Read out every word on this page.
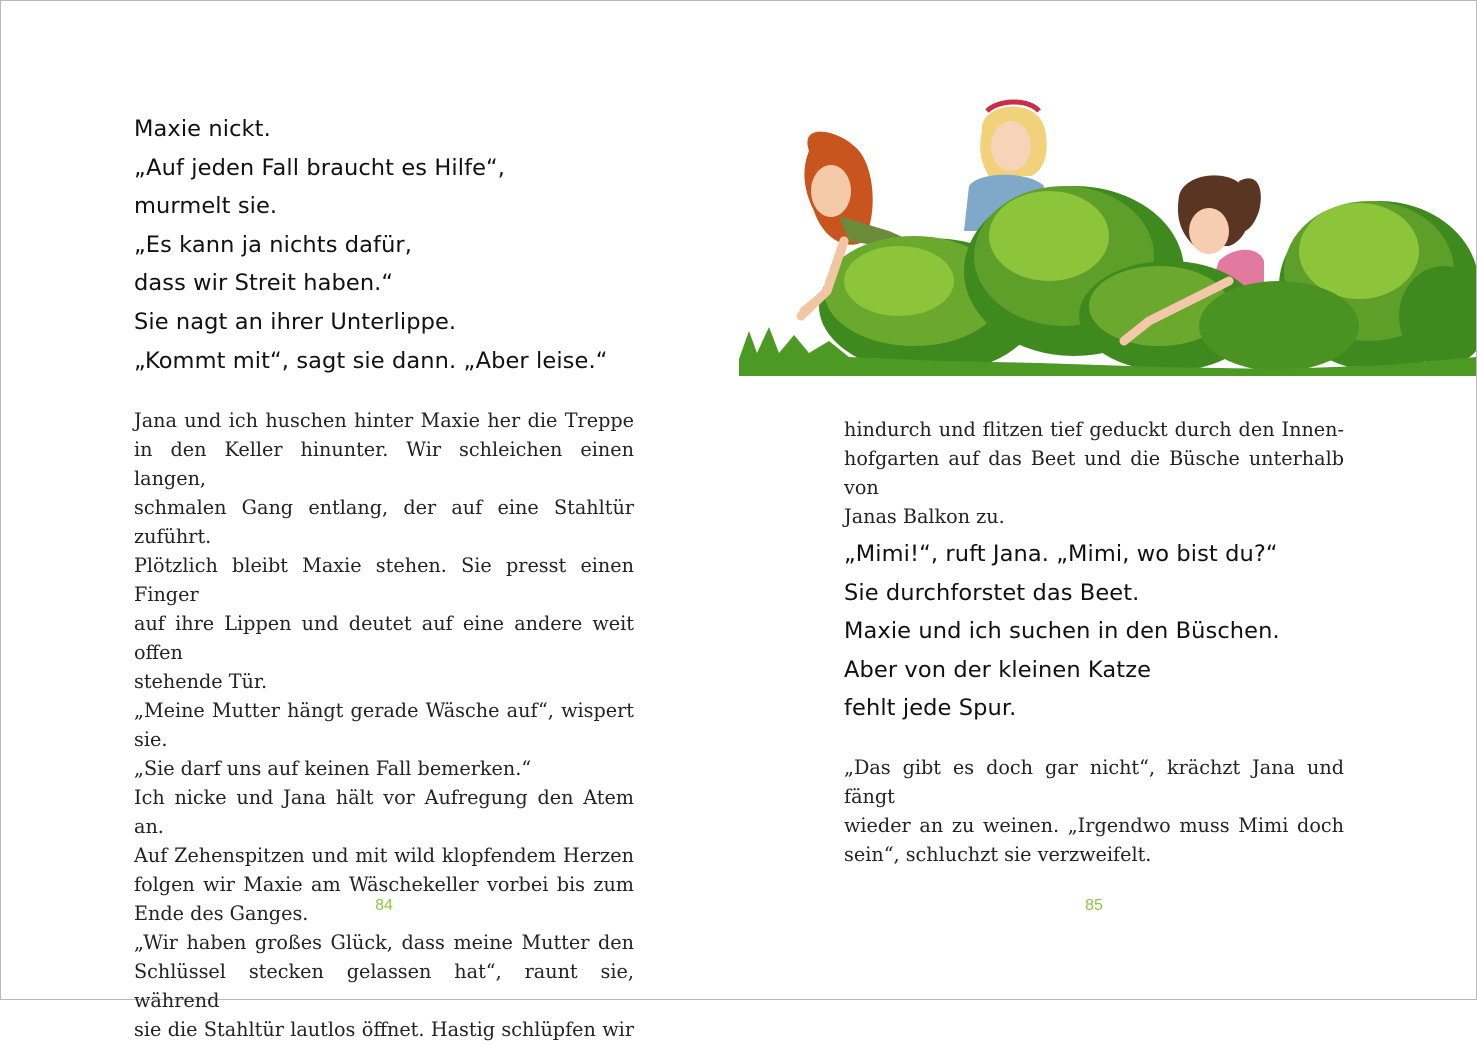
Maxie nickt.
„Auf jeden Fall braucht es Hilfe“,
murmelt sie.
„Es kann ja nichts dafür,
dass wir Streit haben.“
Sie nagt an ihrer Unterlippe.
„Kommt mit“, sagt sie dann. „Aber leise.“

Jana und ich huschen hinter Maxie her die Treppe

in den Keller hinunter. Wir schleichen einen langen,

schmalen Gang entlang, der auf eine Stahltür zuführt.

Plötzlich bleibt Maxie stehen. Sie presst einen Finger

auf ihre Lippen und deutet auf eine andere weit offen

stehende Tür.

„Meine Mutter hängt gerade Wäsche auf“, wispert sie.

„Sie darf uns auf keinen Fall bemerken.“

Ich nicke und Jana hält vor Aufregung den Atem an.

Auf Zehenspitzen und mit wild klopfendem Herzen

folgen wir Maxie am Wäschekeller vorbei bis zum

Ende des Ganges.

„Wir haben großes Glück, dass meine Mutter den

Schlüssel stecken gelassen hat“, raunt sie, während

sie die Stahltür lautlos öffnet. Hastig schlüpfen wir

84

hindurch und flitzen tief geduckt durch den Innen-

hofgarten auf das Beet und die Büsche unterhalb von

Janas Balkon zu.

„Mimi!“, ruft Jana. „Mimi, wo bist du?“
Sie durchforstet das Beet.
Maxie und ich suchen in den Büschen.
Aber von der kleinen Katze
fehlt jede Spur.

„Das gibt es doch gar nicht“, krächzt Jana und fängt

wieder an zu weinen. „Irgendwo muss Mimi doch

sein“, schluchzt sie verzweifelt.

85
